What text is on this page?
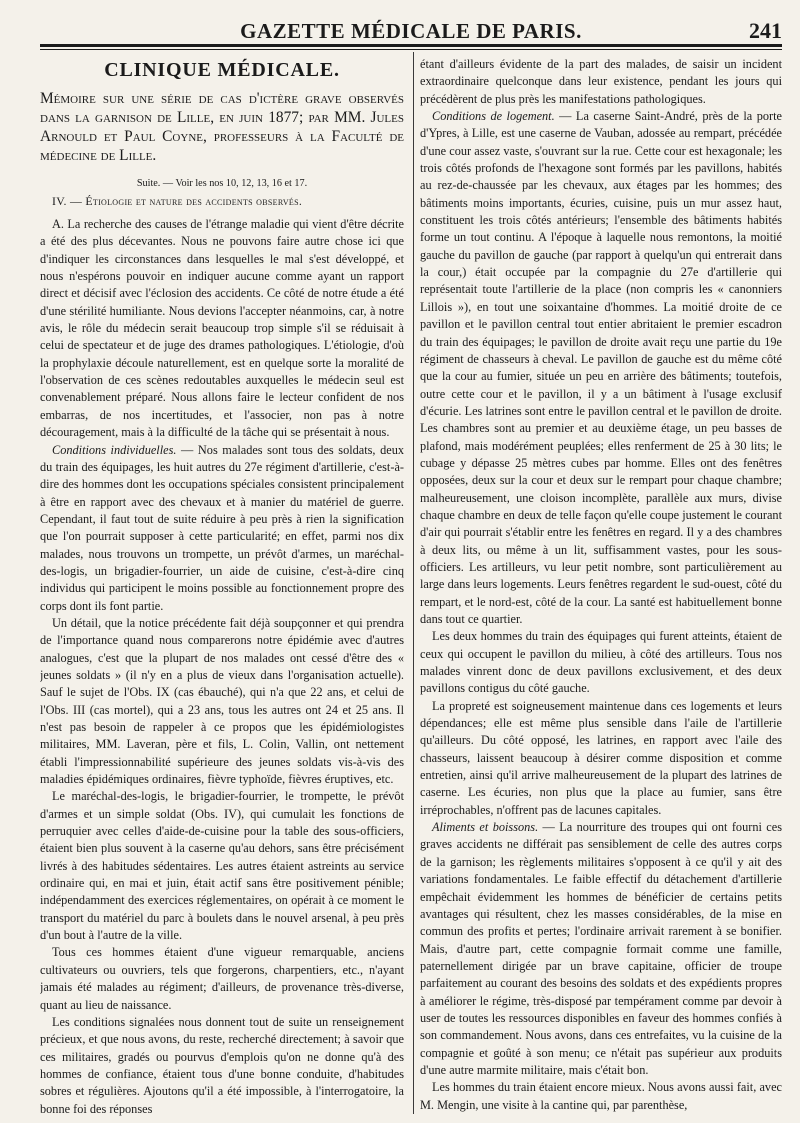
GAZETTE MÉDICALE DE PARIS.	241
CLINIQUE MÉDICALE.

Mémoire sur une série de cas d'ictère grave observés dans la garnison de Lille, en juin 1877; par MM. Jules Arnould et Paul Coyne, professeurs à la Faculté de médecine de Lille.

Suite. — Voir les nos 10, 12, 13, 16 et 17.

IV. — Étiologie et nature des accidents observés.

A. La recherche des causes de l'étrange maladie qui vient d'être décrite a été des plus décevantes. Nous ne pouvons faire autre chose ici que d'indiquer les circonstances dans lesquelles le mal s'est développé, et nous n'espérons pouvoir en indiquer aucune comme ayant un rapport direct et décisif avec l'éclosion des accidents. Ce côté de notre étude a été d'une stérilité humiliante. Nous devions l'accepter néanmoins, car, à notre avis, le rôle du médecin serait beaucoup trop simple s'il se réduisait à celui de spectateur et de juge des drames pathologiques. L'étiologie, d'où la prophylaxie découle naturellement, est en quelque sorte la moralité de l'observation de ces scènes redoutables auxquelles le médecin seul est convenablement préparé. Nous allons faire le lecteur confident de nos embarras, de nos incertitudes, et l'associer, non pas à notre découragement, mais à la difficulté de la tâche qui se présentait à nous.

Conditions individuelles. — Nos malades sont tous des soldats, deux du train des équipages, les huit autres du 27e régiment d'artillerie, c'est-à-dire des hommes dont les occupations spéciales consistent principalement à être en rapport avec des chevaux et à manier du matériel de guerre. Cependant, il faut tout de suite réduire à peu près à rien la signification que l'on pourrait supposer à cette particularité; en effet, parmi nos dix malades, nous trouvons un trompette, un prévôt d'armes, un maréchal-des-logis, un brigadier-fourrier, un aide de cuisine, c'est-à-dire cinq individus qui participent le moins possible au fonctionnement propre des corps dont ils font partie.

Un détail, que la notice précédente fait déjà soupçonner et qui prendra de l'importance quand nous comparerons notre épidémie avec d'autres analogues, c'est que la plupart de nos malades ont cessé d'être des « jeunes soldats » (il n'y en a plus de vieux dans l'organisation actuelle). Sauf le sujet de l'Obs. IX (cas ébauché), qui n'a que 22 ans, et celui de l'Obs. III (cas mortel), qui a 23 ans, tous les autres ont 24 et 25 ans. Il n'est pas besoin de rappeler à ce propos que les épidémiologistes militaires, MM. Laveran, père et fils, L. Colin, Vallin, ont nettement établi l'impressionnabilité supérieure des jeunes soldats vis-à-vis des maladies épidémiques ordinaires, fièvre typhoïde, fièvres éruptives, etc.

Le maréchal-des-logis, le brigadier-fourrier, le trompette, le prévôt d'armes et un simple soldat (Obs. IV), qui cumulait les fonctions de perruquier avec celles d'aide-de-cuisine pour la table des sous-officiers, étaient bien plus souvent à la caserne qu'au dehors, sans être précisément livrés à des habitudes sédentaires. Les autres étaient astreints au service ordinaire qui, en mai et juin, était actif sans être positivement pénible; indépendamment des exercices réglementaires, on opérait à ce moment le transport du matériel du parc à boulets dans le nouvel arsenal, à peu près d'un bout à l'autre de la ville.

Tous ces hommes étaient d'une vigueur remarquable, anciens cultivateurs ou ouvriers, tels que forgerons, charpentiers, etc., n'ayant jamais été malades au régiment; d'ailleurs, de provenance très-diverse, quant au lieu de naissance.

Les conditions signalées nous donnent tout de suite un renseignement précieux, et que nous avons, du reste, recherché directement; à savoir que ces militaires, gradés ou pourvus d'emplois qu'on ne donne qu'à des hommes de confiance, étaient tous d'une bonne conduite, d'habitudes sobres et régulières. Ajoutons qu'il a été impossible, à l'interrogatoire, la bonne foi des réponses

étant d'ailleurs évidente de la part des malades, de saisir un incident extraordinaire quelconque dans leur existence, pendant les jours qui précédèrent de plus près les manifestations pathologiques.

Conditions de logement. — La caserne Saint-André, près de la porte d'Ypres, à Lille, est une caserne de Vauban, adossée au rempart, précédée d'une cour assez vaste, s'ouvrant sur la rue. Cette cour est hexagonale; les trois côtés profonds de l'hexagone sont formés par les pavillons, habités au rez-de-chaussée par les chevaux, aux étages par les hommes; des bâtiments moins importants, écuries, cuisine, puis un mur assez haut, constituent les trois côtés antérieurs; l'ensemble des bâtiments habités forme un tout continu. A l'époque à laquelle nous remontons, la moitié gauche du pavillon de gauche (par rapport à quelqu'un qui entrerait dans la cour,) était occupée par la compagnie du 27e d'artillerie qui représentait toute l'artillerie de la place (non compris les « canonniers Lillois »), en tout une soixantaine d'hommes. La moitié droite de ce pavillon et le pavillon central tout entier abritaient le premier escadron du train des équipages; le pavillon de droite avait reçu une partie du 19e régiment de chasseurs à cheval. Le pavillon de gauche est du même côté que la cour au fumier, située un peu en arrière des bâtiments; toutefois, outre cette cour et le pavillon, il y a un bâtiment à l'usage exclusif d'écurie. Les latrines sont entre le pavillon central et le pavillon de droite. Les chambres sont au premier et au deuxième étage, un peu basses de plafond, mais modérément peuplées; elles renferment de 25 à 30 lits; le cubage y dépasse 25 mètres cubes par homme. Elles ont des fenêtres opposées, deux sur la cour et deux sur le rempart pour chaque chambre; malheureusement, une cloison incomplète, parallèle aux murs, divise chaque chambre en deux de telle façon qu'elle coupe justement le courant d'air qui pourrait s'établir entre les fenêtres en regard. Il y a des chambres à deux lits, ou même à un lit, suffisamment vastes, pour les sous-officiers. Les artilleurs, vu leur petit nombre, sont particulièrement au large dans leurs logements. Leurs fenêtres regardent le sud-ouest, côté du rempart, et le nord-est, côté de la cour. La santé est habituellement bonne dans tout ce quartier.

Les deux hommes du train des équipages qui furent atteints, étaient de ceux qui occupent le pavillon du milieu, à côté des artilleurs. Tous nos malades vinrent donc de deux pavillons exclusivement, et des deux pavillons contigus du côté gauche.

La propreté est soigneusement maintenue dans ces logements et leurs dépendances; elle est même plus sensible dans l'aile de l'artillerie qu'ailleurs. Du côté opposé, les latrines, en rapport avec l'aile des chasseurs, laissent beaucoup à désirer comme disposition et comme entretien, ainsi qu'il arrive malheureusement de la plupart des latrines de caserne. Les écuries, non plus que la place au fumier, sans être irréprochables, n'offrent pas de lacunes capitales.

Aliments et boissons. — La nourriture des troupes qui ont fourni ces graves accidents ne différait pas sensiblement de celle des autres corps de la garnison; les règlements militaires s'opposent à ce qu'il y ait des variations fondamentales. Le faible effectif du détachement d'artillerie empêchait évidemment les hommes de bénéficier de certains petits avantages qui résultent, chez les masses considérables, de la mise en commun des profits et pertes; l'ordinaire arrivait rarement à se bonifier. Mais, d'autre part, cette compagnie formait comme une famille, paternellement dirigée par un brave capitaine, officier de troupe parfaitement au courant des besoins des soldats et des expédients propres à améliorer le régime, très-disposé par tempérament comme par devoir à user de toutes les ressources disponibles en faveur des hommes confiés à son commandement. Nous avons, dans ces entrefaites, vu la cuisine de la compagnie et goûté à son menu; ce n'était pas supérieur aux produits d'une autre marmite militaire, mais c'était bon.

Les hommes du train étaient encore mieux. Nous avons aussi fait, avec M. Mengin, une visite à la cantine qui, par parenthèse,
